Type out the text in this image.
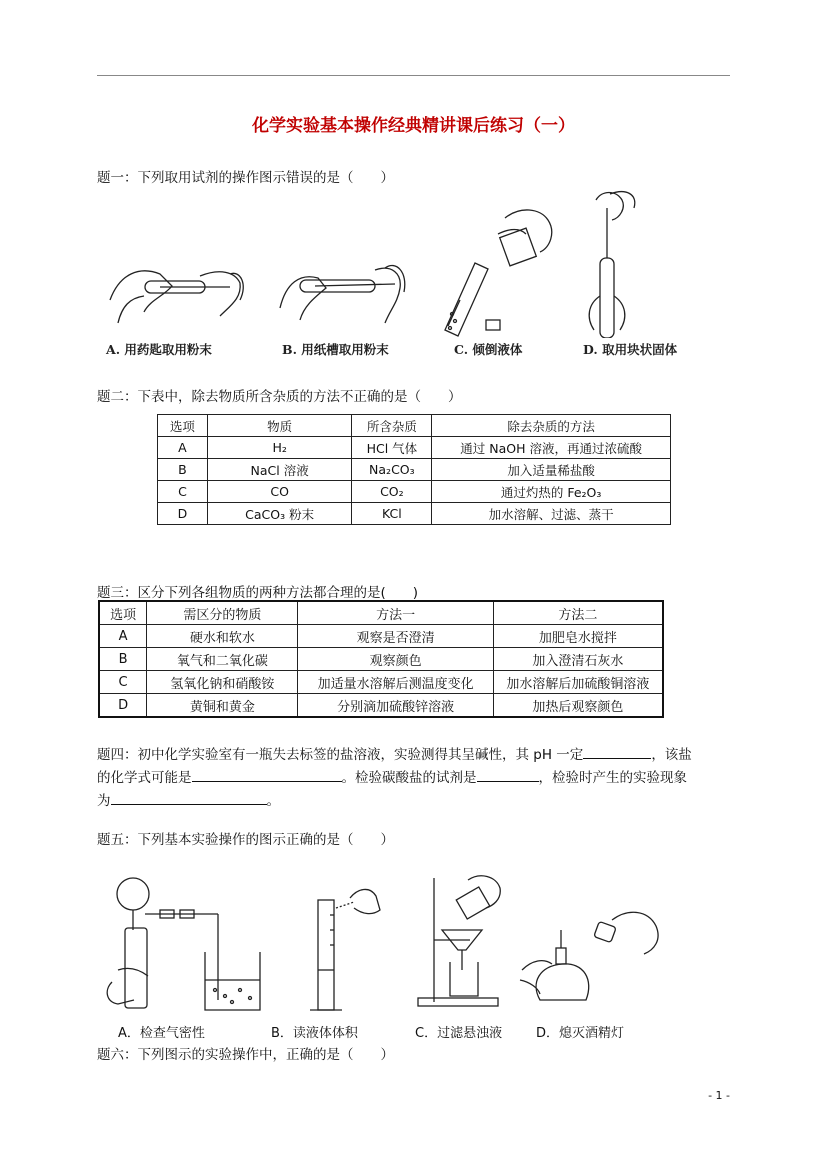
化学实验基本操作经典精讲课后练习（一）
题一：下列取用试剂的操作图示错误的是（　　）
A. 用药匙取用粉末	B. 用纸槽取用粉末	C. 倾倒液体	D. 取用块状固体
题二：下表中，除去物质所含杂质的方法不正确的是（　　）
选项	物质	所含杂质	除去杂质的方法
A	H₂	HCl 气体	通过 NaOH 溶液，再通过浓硫酸
B	NaCl 溶液	Na₂CO₃	加入适量稀盐酸
C	CO	CO₂	通过灼热的 Fe₂O₃
D	CaCO₃ 粉末	KCl	加水溶解、过滤、蒸干
题三：区分下列各组物质的两种方法都合理的是(　　)
选项	需区分的物质	方法一	方法二
A	硬水和软水	观察是否澄清	加肥皂水搅拌
B	氧气和二氧化碳	观察颜色	加入澄清石灰水
C	氢氧化钠和硝酸铵	加适量水溶解后测温度变化	加水溶解后加硫酸铜溶液
D	黄铜和黄金	分别滴加硫酸锌溶液	加热后观察颜色
题四：初中化学实验室有一瓶失去标签的盐溶液，实验测得其呈碱性，其 pH 一定	，该盐
的化学式可能是	。检验碳酸盐的试剂是	，检验时产生的实验现象
为	。
题五：下列基本实验操作的图示正确的是（　　）
A．检查气密性	B．读液体体积	C．过滤悬浊液	D．熄灭酒精灯
题六：下列图示的实验操作中，正确的是（　　）
- 1 -
